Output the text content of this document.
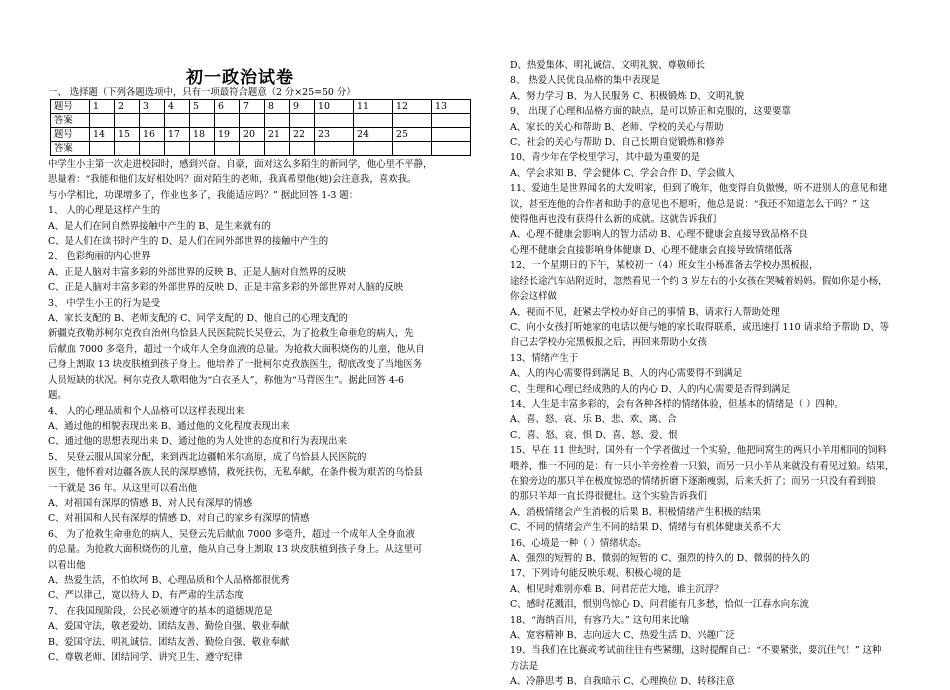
初一政治试卷
一、 选择题（下列各题选项中，只有一项最符合题意（2 分×25=50 分）
题号	1	2	3	4	5	6	7	8	9	10	11	12	13
答案													
题号	14	15	16	17	18	19	20	21	22	23	24	25	
答案													
中学生小主第一次走进校园时，感到兴奋、自豪，面对这么多陌生的新同学，他心里不平静，
思量着：“我能和他们友好相处吗？面对陌生的老师，我真希望他(她)会注意我，喜欢我。
与小学相比，功课增多了，作业也多了，我能适应吗？” 据此回答 1-3 题：
1、 人的心理是这样产生的
A、是人们在同自然界接触中产生的 B、是生来就有的
C、是人们在读书时产生的 D、是人们在同外部世界的接触中产生的
2、 色彩绚丽的内心世界
A、正是人脑对丰富多彩的外部世界的反映 B、正是人脑对自然界的反映
C、正是人脑对丰富多彩的外部世界的反映 D、正是丰富多彩的外部世界对人脑的反映
3、 中学生小王的行为是受
A、家长支配的 B、老师支配的 C、同学支配的 D、他自己的心理支配的
新疆克孜勒苏柯尔克孜自治州乌恰县人民医院院长吴登云，为了抢救生命垂危的病人，先
后献血 7000 多毫升，超过一个成年人全身血液的总量。为抢救大面积烧伤的儿童，他从自
己身上割取 13 块皮肤植到孩子身上。他培养了一批柯尔克孜族医生，彻底改变了当地医务
人员短缺的状况。柯尔克孜人歌唱他为“白衣圣人”，称他为“马背医生”。据此回答 4-6
题。
4、 人的心理品质和个人品格可以这样表现出来
A、通过他的相貌表现出来 B、通过他的文化程度表现出来
C、通过他的思想表现出来 D、通过他的为人处世的态度和行为表现出来
5、 吴登云服从国家分配，来到西北边疆帕米尔高原，成了乌恰县人民医院的
医生，他怀着对边疆各族人民的深厚感情，救死扶伤，无私奉献，在条件极为艰苦的乌恰县
一干就是 36 年。从这里可以看出他
A、对祖国有深厚的情感 B、对人民有深厚的情感
C、对祖国和人民有深厚的情感 D、对自己的家乡有深厚的情感
6、 为了抢救生命垂危的病人，吴登云先后献血 7000 多毫升，超过一个成年人全身血液
的总量。为抢救大面积烧伤的儿童，他从自己身上割取 13 块皮肤植到孩子身上。从这里可
以看出他
A、热爱生活，不怕坎坷 B、心理品质和个人品格都很优秀
C、严以律己，宽以待人 D、有严肃的生活态度
7、 在我国现阶段，公民必须遵守的基本的道德规范是
A、爱国守法，敬老爱幼、团结友善、勤俭自强、敬业奉献
B、爱国守法、明礼诚信、团结友善、勤俭自强、敬业奉献
C、尊敬老师、团结同学、讲究卫生、遵守纪律
D、热爱集体、明礼诚信、文明礼貌、尊敬师长
8、 热爱人民优良品格的集中表现是
A、努力学习 B、为人民服务 C、积极锻炼 D、文明礼貌
9、 出现了心理和品格方面的缺点，是可以矫正和克服的，这要要靠
A、家长的关心和帮助 B、老师、学校的关心与帮助
C、社会的关心与帮助 D、自己长期自觉锻炼和修养
10、青少年在学校里学习，其中最为重要的是
A、学会求知 B、学会健体 C、学会合作 D、学会做人
11、爱迪生是世界闻名的大发明家，但到了晚年，他变得自负傲慢，听不进别人的意见和建
议，甚至连他的合作者和助手的意见也不愿听，他总是说：“我还不知道怎么干吗？” 这
使得他再也没有获得什么新的成就。这就告诉我们
A、心理不健康会影响人的智力活动 B、心理不健康会直接导致品格不良
心理不健康会直接影响身体健康 D、心理不健康会直接导致情绪低落
12、一个星期日的下午，某校初一（4）班女生小杨准备去学校办黑板报，
途经长途汽车站附近时，忽然看见一个约 3 岁左右的小女孩在哭喊着妈妈。假如你是小杨，
你会这样做
A、视而不见，赶紧去学校办好自己的事情 B、请求行人帮助处理
C、向小女孩打听她家的电话以便与她的家长取得联系，或迅速打 110 请求给予帮助 D、等
自己去学校办完黑板报之后，再回来帮助小女孩
13、情绪产生于
A、人的内心需要得到满足 B、人的内心需要得不到满足
C、生理和心理已经成熟的人的内心 D、人的内心需要是否得到满足
14、人生是丰富多彩的，会有各种各样的情绪体验，但基本的情绪是（ ）四种。
A、喜、怒、哀、乐 B、悲、欢、离、合
C、喜、怒、哀、惧 D、喜、怒、爱、恨
15、早在 11 世纪时，国外有一个学者做过一个实验，他把同窝生的两只小羊用相同的饲料
喂养，惟一不同的是：有一只小羊旁拴着一只狼，而另一只小羊从来就没有看见过狼。结果，
在狼旁边的那只羊在极度惊恐的情绪折磨下逐渐瘦弱，后来夭折了；而另一只没有看到狼
的那只羊却一直长得很健壮。这个实验告诉我们
A、消极情绪会产生消极的后果 B、积极情绪产生积极的结果
C、不同的情绪会产生不同的结果 D、情绪与有机体健康关系不大
16、心境是一种（ ）情绪状态。
A、强烈的短暂的 B、微弱的短暂的 C、强烈的持久的 D、微弱的持久的
17、下列诗句能反映乐观、积极心境的是
A、相见时难别亦难 B、问君茫茫大地，谁主沉浮？
C、感时花溅泪，恨别鸟惊心 D、问君能有几多愁，恰似一江春水向东流
18、“海纳百川，有容乃大。” 这句用来比喻
A、宽容精神 B、志向远大 C、热爱生活 D、兴趣广泛
19、当我们在比赛或考试前往往有些紧绷，这时提醒自己：“不要紧张，要沉住气！” 这种
方法是
A、冷静思考 B、自我暗示 C、心理换位 D、转移注意
